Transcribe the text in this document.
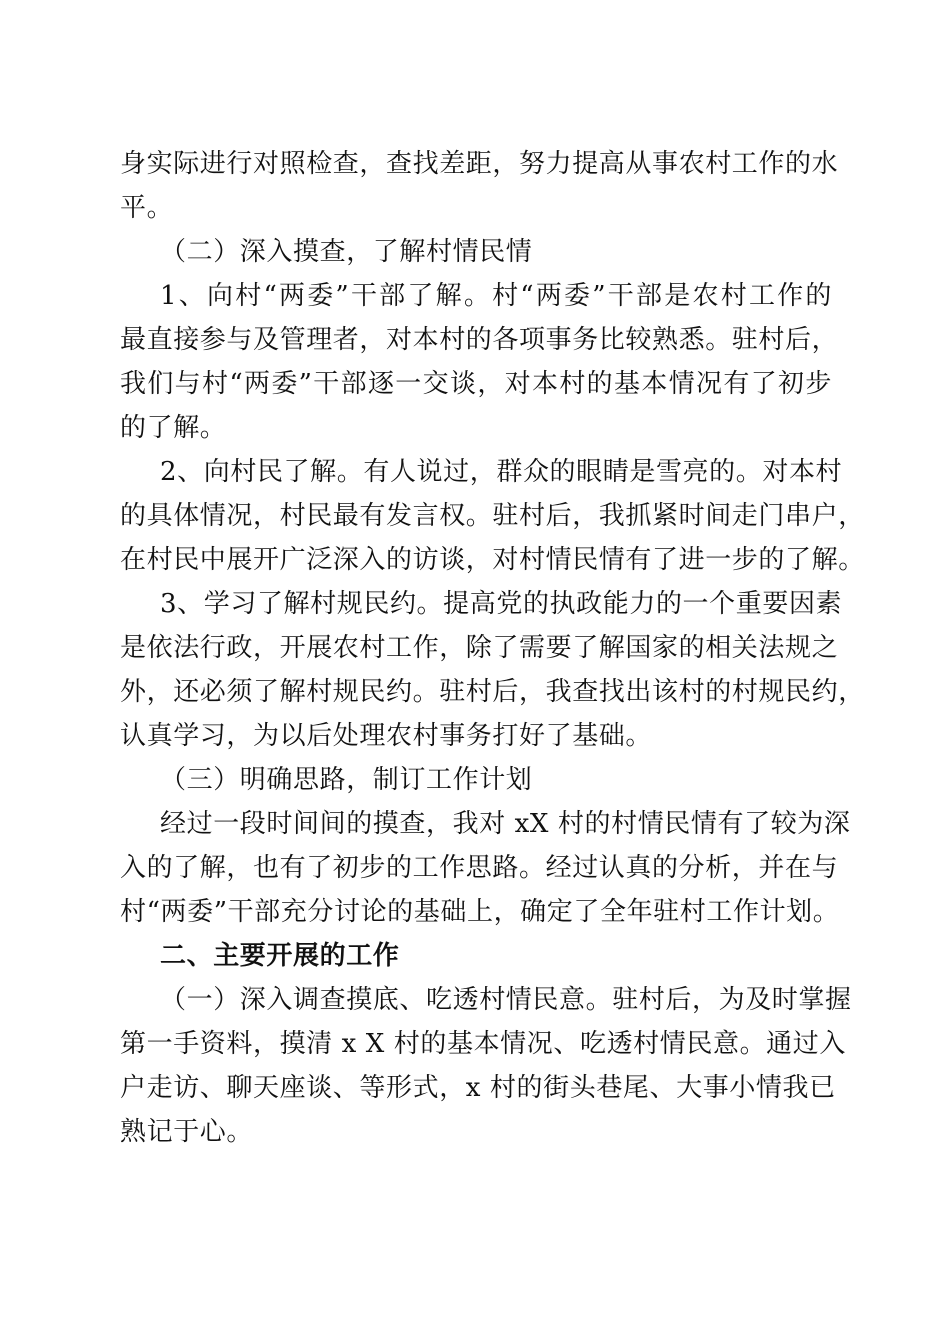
身实际进行对照检查，查找差距，努力提高从事农村工作的水
平。
（二）深入摸查，了解村情民情
1、向村“两委”干部了解。村“两委”干部是农村工作的
最直接参与及管理者，对本村的各项事务比较熟悉。驻村后，
我们与村“两委”干部逐一交谈，对本村的基本情况有了初步
的了解。
2、向村民了解。有人说过，群众的眼睛是雪亮的。对本村
的具体情况，村民最有发言权。驻村后，我抓紧时间走门串户，
在村民中展开广泛深入的访谈，对村情民情有了进一步的了解。
3、学习了解村规民约。提高党的执政能力的一个重要因素
是依法行政，开展农村工作，除了需要了解国家的相关法规之
外，还必须了解村规民约。驻村后，我查找出该村的村规民约，
认真学习，为以后处理农村事务打好了基础。
（三）明确思路，制订工作计划
经过一段时间间的摸查，我对 xX 村的村情民情有了较为深
入的了解，也有了初步的工作思路。经过认真的分析，并在与
村“两委”干部充分讨论的基础上，确定了全年驻村工作计划。
二、主要开展的工作
（一）深入调查摸底、吃透村情民意。驻村后，为及时掌握
第一手资料，摸清 x X 村的基本情况、吃透村情民意。通过入
户走访、聊天座谈、等形式，x 村的街头巷尾、大事小情我已
熟记于心。
